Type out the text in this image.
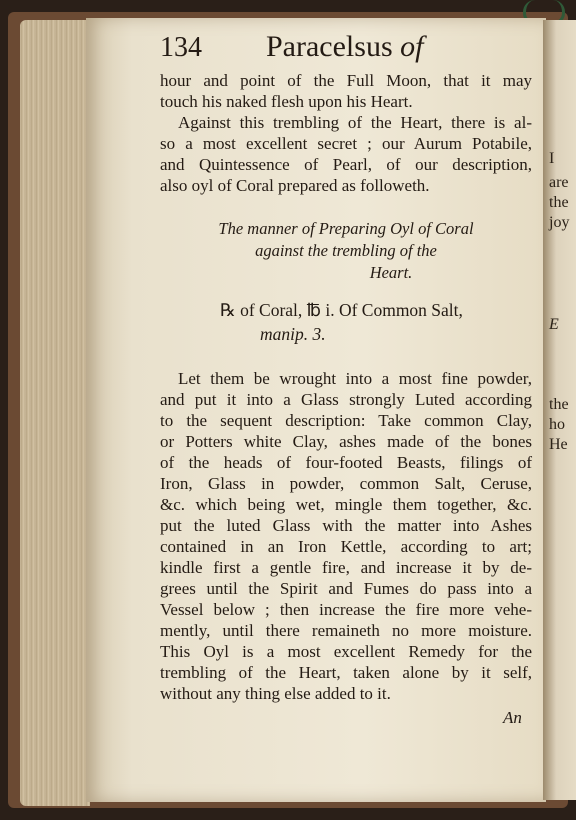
I
are
the
joy
E
the
ho
He
134 Paracelsus of
hour and point of the Full Moon, that it may
touch his naked flesh upon his Heart.
Against this trembling of the Heart, there is al-
so a most excellent secret ; our Aurum Potabile,
and Quintessence of Pearl, of our description,
also oyl of Coral prepared as followeth.
The manner of Preparing Oyl of Coral
against the trembling of the
Heart.
℞ of Coral, ℔ i. Of Common Salt,
manip. 3.
Let them be wrought into a most fine powder,
and put it into a Glass strongly Luted according
to the sequent description: Take common Clay,
or Potters white Clay, ashes made of the bones
of the heads of four-footed Beasts, filings of
Iron, Glass in powder, common Salt, Ceruse,
&c. which being wet, mingle them together, &c.
put the luted Glass with the matter into Ashes
contained in an Iron Kettle, according to art;
kindle first a gentle fire, and increase it by de-
grees until the Spirit and Fumes do pass into a
Vessel below ; then increase the fire more vehe-
mently, until there remaineth no more moisture.
This Oyl is a most excellent Remedy for the
trembling of the Heart, taken alone by it self,
without any thing else added to it.
An
